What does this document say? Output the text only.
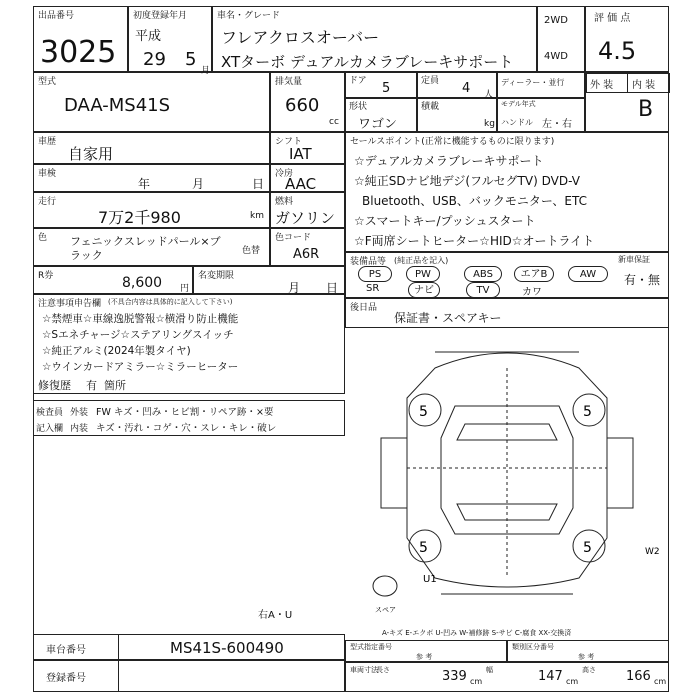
出品番号
3025
初度登録年月
平成
29 5
月
車名・グレード
フレアクロスオーバー
XTターボ デュアルカメラブレーキサポート
2WD
4WD
評 価 点
4.5
型式
DAA-MS41S
排気量
660
cc
ドア 5	定員 4 人
ディーラー・並行
形状
ワゴン
積載
kg
モデル年式
ハンドル 左・右
外 装 内 装
B
車歴
自家用
シフト
IAT
車検
年	月	日
冷房
AAC
走行
7万2千980	km
燃料
ガソリン
色 フェニックスレッドパール×ブラック	色替
色コード
A6R
R券	8,600 円
名変期限
月 日
セールスポイント(正常に機能するものに限ります)
☆デュアルカメラブレーキサポート
☆純正SDナビ地デジ(フルセグTV) DVD-V
Bluetooth、USB、バックモニター、ETC
☆スマートキー/プッシュスタート
☆F両席シートヒーター☆HID☆オートライト
装備品等 (純正品を記入)	新車保証
PS	PW	ABS	エアB	AW
SR	ナビ	TV	カワ
有・無
注意事項申告欄 (不具合内容は具体的に記入して下さい)
☆禁煙車☆車線逸脱警報☆横滑り防止機能
☆Sエネチャージ☆ステアリングスイッチ
☆純正アルミ(2024年製タイヤ)
☆ウインカードアミラー☆ミラーヒーター
修復歴 有 箇所
後日品
保証書・スペアキー
検査員
記入欄
外装 FW キズ・凹み・ヒビ割・リペア跡・×要
内装 キズ・汚れ・コゲ・穴・スレ・キレ・破レ
5	5
5	5	W2
U1
スペア
右A・U
A-キズ E-エクボ U-凹み W-補修跡 S-サビ C-腐食 XX-交換済
車台番号	MS41S-600490
登録番号
型式指定番号
参 考
類別区分番号
参 考
車両寸法
長さ	339 cm
幅	147 cm
高さ 166 cm
